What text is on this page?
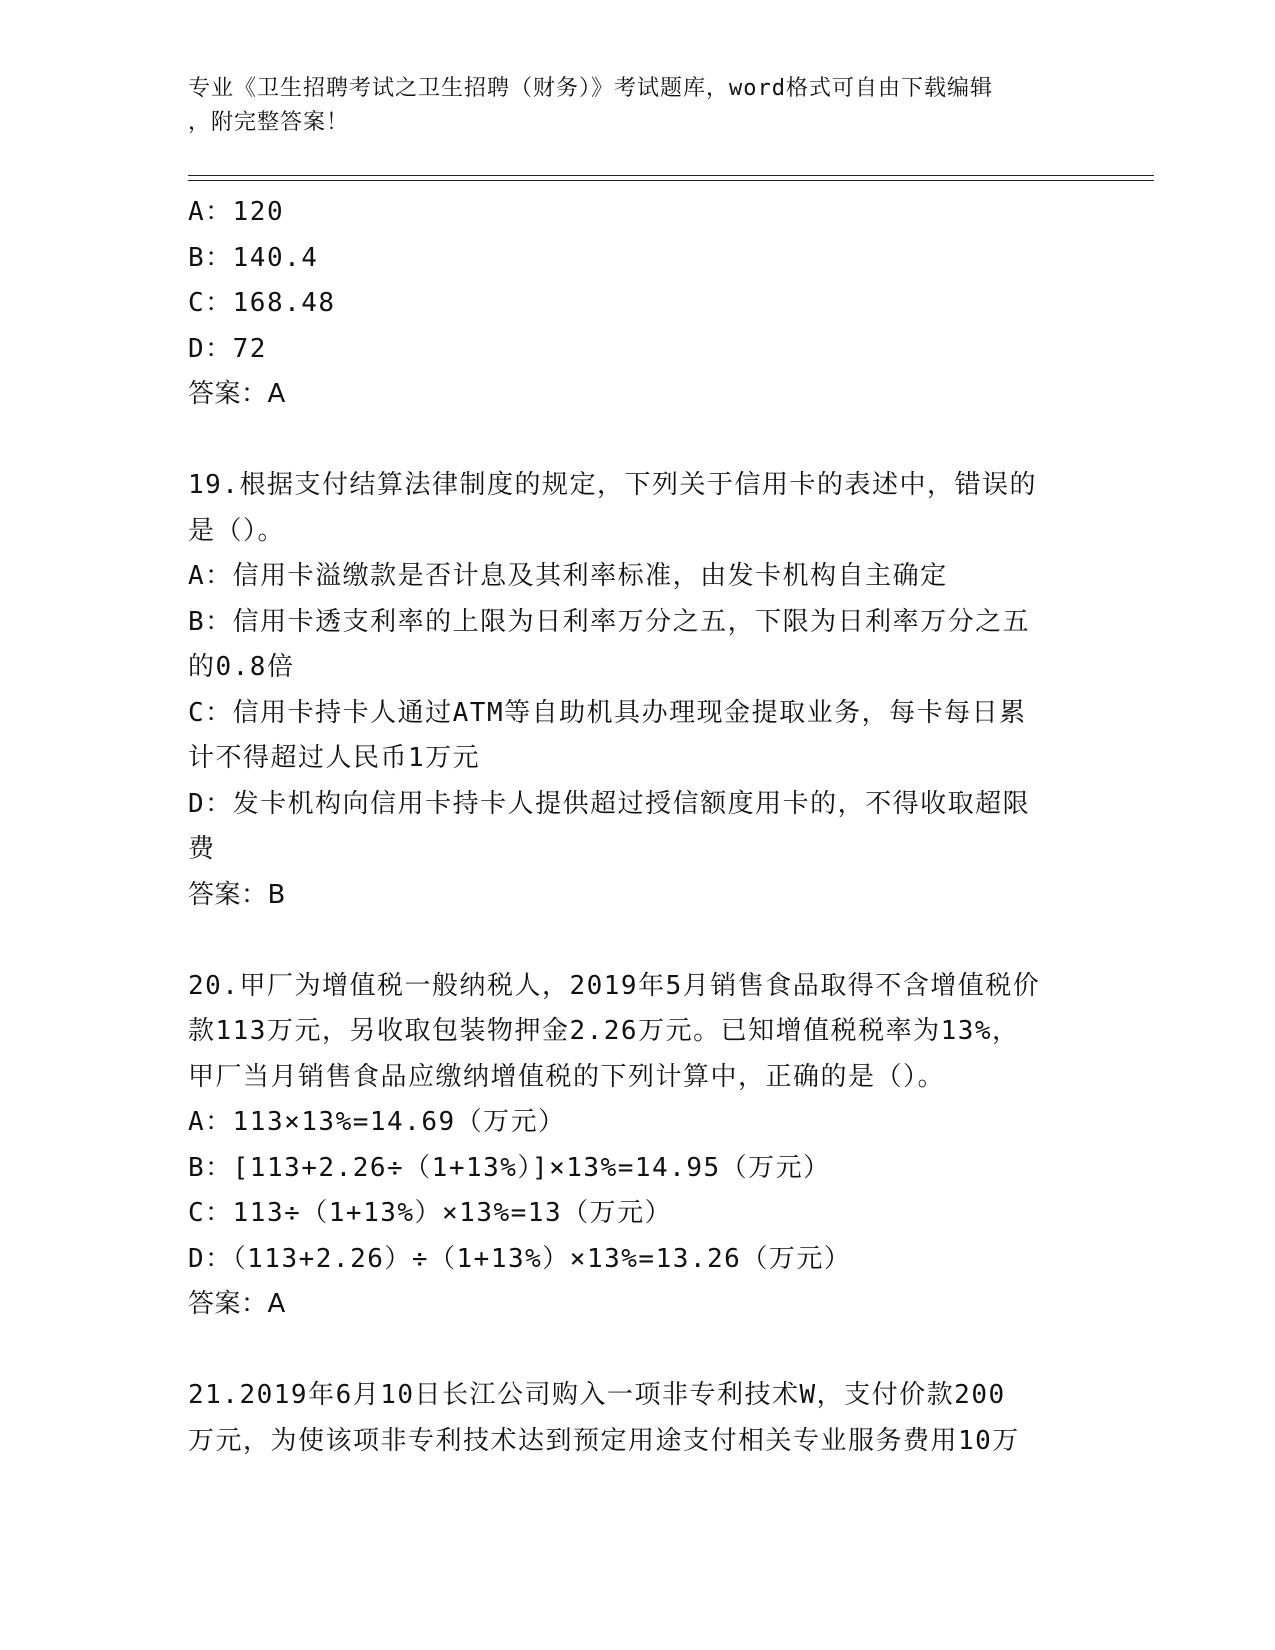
专业《卫生招聘考试之卫生招聘（财务）》考试题库，word格式可自由下载编辑
，附完整答案！
A：120
B：140.4
C：168.48
D：72
答案：A
19.根据支付结算法律制度的规定，下列关于信用卡的表述中，错误的
是（）。
A：信用卡溢缴款是否计息及其利率标准，由发卡机构自主确定
B：信用卡透支利率的上限为日利率万分之五，下限为日利率万分之五
的0.8倍
C：信用卡持卡人通过ATM等自助机具办理现金提取业务，每卡每日累
计不得超过人民币1万元
D：发卡机构向信用卡持卡人提供超过授信额度用卡的，不得收取超限
费
答案：B
20.甲厂为增值税一般纳税人，2019年5月销售食品取得不含增值税价
款113万元，另收取包装物押金2.26万元。已知增值税税率为13%，
甲厂当月销售食品应缴纳增值税的下列计算中，正确的是（）。
A：113×13%=14.69（万元）
B：[113+2.26÷（1+13%）]×13%=14.95（万元）
C：113÷（1+13%）×13%=13（万元）
D：（113+2.26）÷（1+13%）×13%=13.26（万元）
答案：A
21.2019年6月10日长江公司购入一项非专利技术W，支付价款200
万元，为使该项非专利技术达到预定用途支付相关专业服务费用10万
